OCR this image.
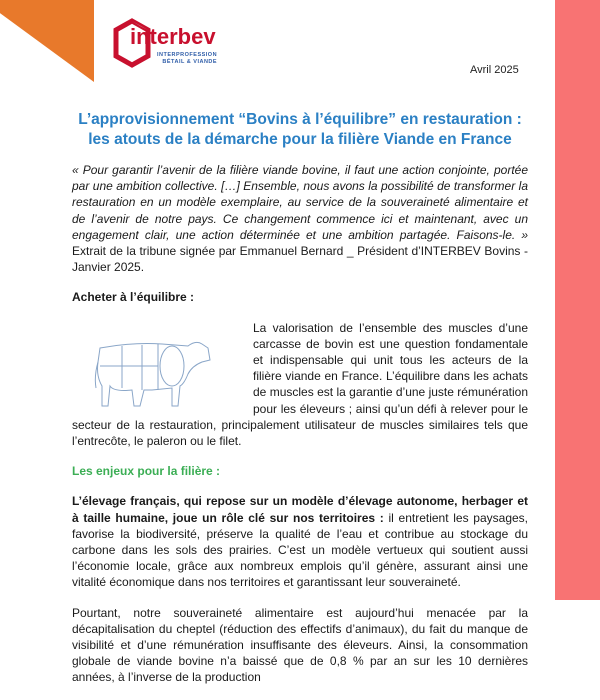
interbev
INTERPROFESSION
BÉTAIL & VIANDE
Avril 2025
L’approvisionnement “Bovins à l’équilibre” en restauration :
les atouts de la démarche pour la filière Viande en France
« Pour garantir l’avenir de la filière viande bovine, il faut une action conjointe, portée par une ambition collective. […] Ensemble, nous avons la possibilité de transformer la restauration en un modèle exemplaire, au service de la souveraineté alimentaire et de l’avenir de notre pays. Ce changement commence ici et maintenant, avec un engagement clair, une action déterminée et une ambition partagée. Faisons-le. » Extrait de la tribune signée par Emmanuel Bernard _ Président d’INTERBEV Bovins - Janvier 2025.
Acheter à l’équilibre :
La valorisation de l’ensemble des muscles d’une carcasse de bovin est une question fondamentale et indispensable qui unit tous les acteurs de la filière viande en France. L’équilibre dans les achats de muscles est la garantie d’une juste rémunération pour les éleveurs ; ainsi qu’un défi à relever pour le secteur de la restauration, principalement utilisateur de muscles similaires tels que l’entrecôte, le paleron ou le filet.
Les enjeux pour la filière :
L’élevage français, qui repose sur un modèle d’élevage autonome, herbager et à taille humaine, joue un rôle clé sur nos territoires : il entretient les paysages, favorise la biodiversité, préserve la qualité de l’eau et contribue au stockage du carbone dans les sols des prairies. C’est un modèle vertueux qui soutient aussi l’économie locale, grâce aux nombreux emplois qu’il génère, assurant ainsi une vitalité économique dans nos territoires et garantissant leur souveraineté.
Pourtant, notre souveraineté alimentaire est aujourd’hui menacée par la décapitalisation du cheptel (réduction des effectifs d’animaux), du fait du manque de visibilité et d’une rémunération insuffisante des éleveurs. Ainsi, la consommation globale de viande bovine n’a baissé que de 0,8 % par an sur les 10 dernières années, à l’inverse de la production
